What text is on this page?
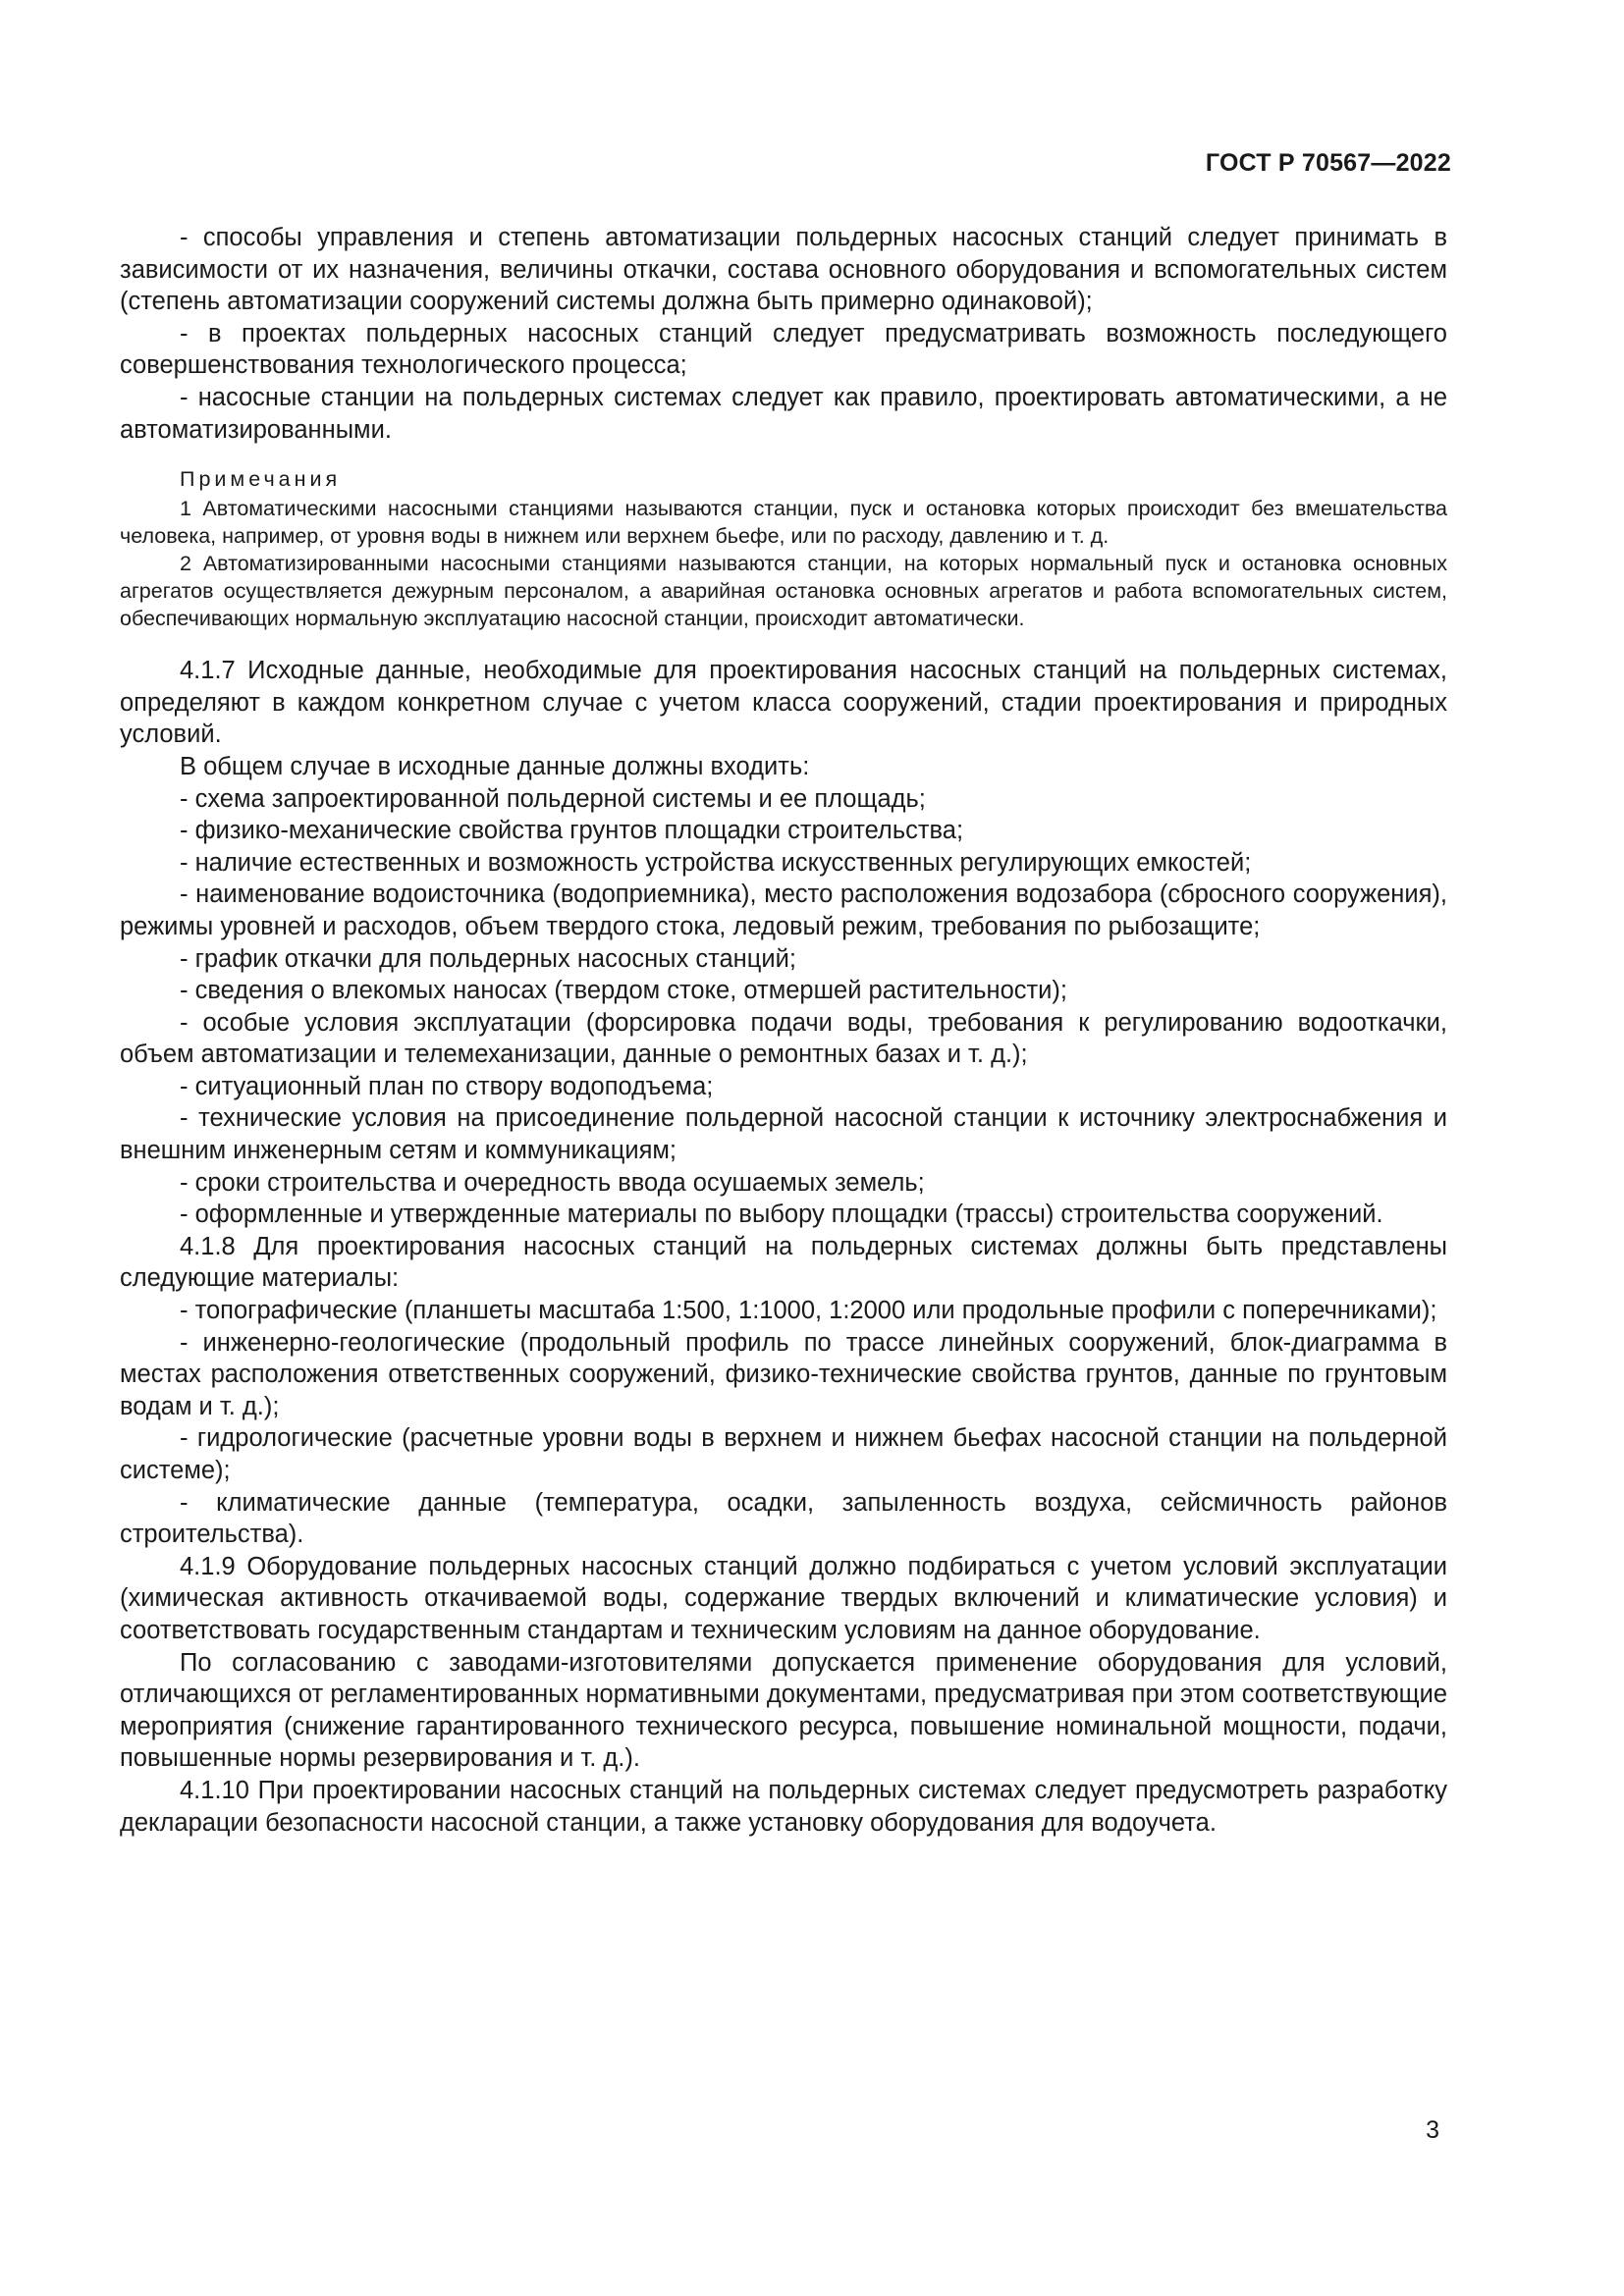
ГОСТ Р 70567—2022

- способы управления и степень автоматизации польдерных насосных станций следует принимать в зависимости от их назначения, величины откачки, состава основного оборудования и вспомогательных систем (степень автоматизации сооружений системы должна быть примерно одинаковой);

- в проектах польдерных насосных станций следует предусматривать возможность последующего совершенствования технологического процесса;

- насосные станции на польдерных системах следует как правило, проектировать автоматическими, а не автоматизированными.

Примечания

1 Автоматическими насосными станциями называются станции, пуск и остановка которых происходит без вмешательства человека, например, от уровня воды в нижнем или верхнем бьефе, или по расходу, давлению и т. д.

2 Автоматизированными насосными станциями называются станции, на которых нормальный пуск и остановка основных агрегатов осуществляется дежурным персоналом, а аварийная остановка основных агрегатов и работа вспомогательных систем, обеспечивающих нормальную эксплуатацию насосной станции, происходит автоматически.

4.1.7 Исходные данные, необходимые для проектирования насосных станций на польдерных системах, определяют в каждом конкретном случае с учетом класса сооружений, стадии проектирования и природных условий.

В общем случае в исходные данные должны входить:

- схема запроектированной польдерной системы и ее площадь;

- физико-механические свойства грунтов площадки строительства;

- наличие естественных и возможность устройства искусственных регулирующих емкостей;

- наименование водоисточника (водоприемника), место расположения водозабора (сбросного сооружения), режимы уровней и расходов, объем твердого стока, ледовый режим, требования по рыбозащите;

- график откачки для польдерных насосных станций;

- сведения о влекомых наносах (твердом стоке, отмершей растительности);

- особые условия эксплуатации (форсировка подачи воды, требования к регулированию водооткачки, объем автоматизации и телемеханизации, данные о ремонтных базах и т. д.);

- ситуационный план по створу водоподъема;

- технические условия на присоединение польдерной насосной станции к источнику электроснабжения и внешним инженерным сетям и коммуникациям;

- сроки строительства и очередность ввода осушаемых земель;

- оформленные и утвержденные материалы по выбору площадки (трассы) строительства сооружений.

4.1.8 Для проектирования насосных станций на польдерных системах должны быть представлены следующие материалы:

- топографические (планшеты масштаба 1:500, 1:1000, 1:2000 или продольные профили с поперечниками);

- инженерно-геологические (продольный профиль по трассе линейных сооружений, блок-диаграмма в местах расположения ответственных сооружений, физико-технические свойства грунтов, данные по грунтовым водам и т. д.);

- гидрологические (расчетные уровни воды в верхнем и нижнем бьефах насосной станции на польдерной системе);

- климатические данные (температура, осадки, запыленность воздуха, сейсмичность районов строительства).

4.1.9 Оборудование польдерных насосных станций должно подбираться с учетом условий эксплуатации (химическая активность откачиваемой воды, содержание твердых включений и климатические условия) и соответствовать государственным стандартам и техническим условиям на данное оборудование.

По согласованию с заводами-изготовителями допускается применение оборудования для условий, отличающихся от регламентированных нормативными документами, предусматривая при этом соответствующие мероприятия (снижение гарантированного технического ресурса, повышение номинальной мощности, подачи, повышенные нормы резервирования и т. д.).

4.1.10 При проектировании насосных станций на польдерных системах следует предусмотреть разработку декларации безопасности насосной станции, а также установку оборудования для водоучета.

3
